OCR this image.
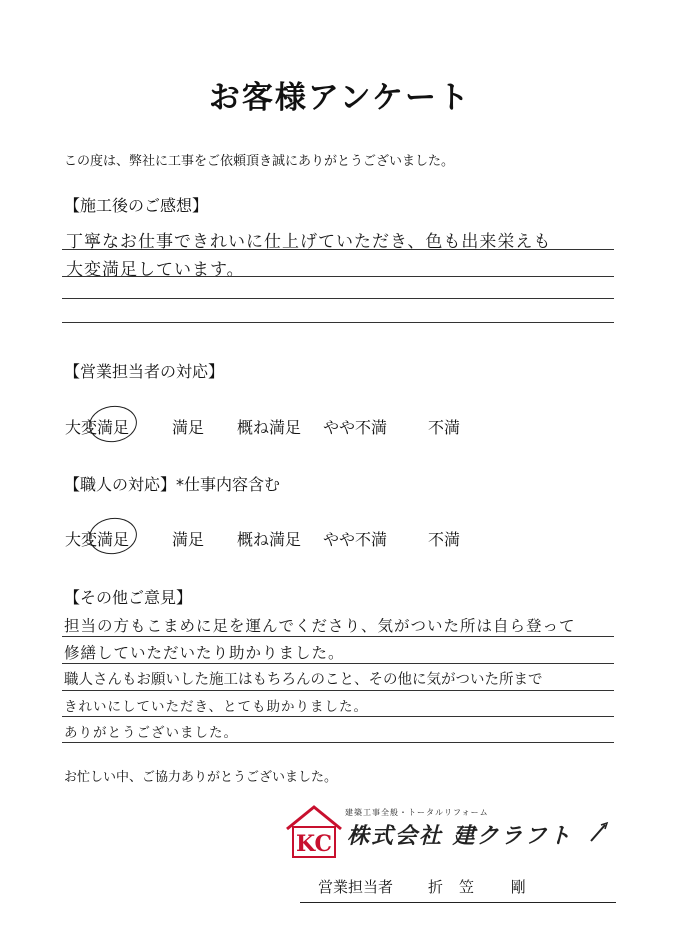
お客様アンケート
この度は、弊社に工事をご依頼頂き誠にありがとうございました。
【施工後のご感想】
丁寧なお仕事できれいに仕上げていただき、色も出来栄えも
大変満足しています。
【営業担当者の対応】
大変満足	満足 概ね満足 やや不満	不満
【職人の対応】*仕事内容含む
大変満足	満足 概ね満足 やや不満	不満
【その他ご意見】
担当の方もこまめに足を運んでくださり、気がついた所は自ら登って
修繕していただいたり助かりました。
職人さんもお願いした施工はもちろんのこと、その他に気がついた所まで
きれいにしていただき、とても助かりました。
ありがとうございました。
お忙しい中、ご協力ありがとうございました。
KC
建築工事全般・トータルリフォーム
株式会社 建クラフト
営業担当者 折笠 剛
